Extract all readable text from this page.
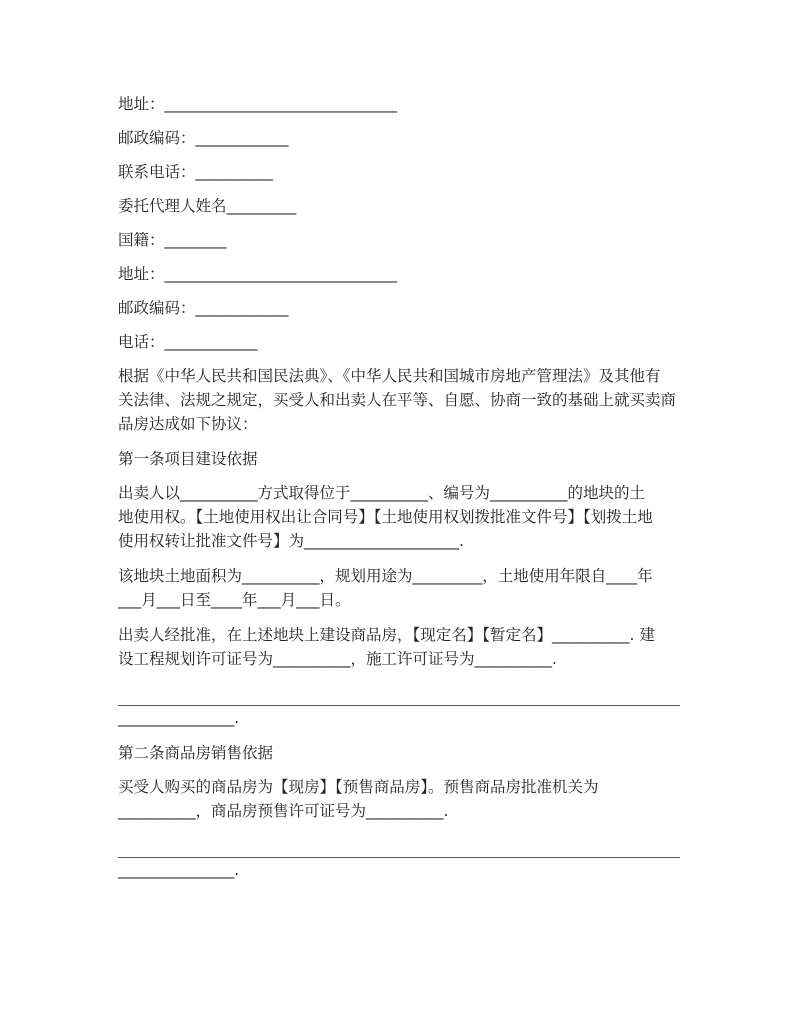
地址：______________________________
邮政编码：____________
联系电话：__________
委托代理人姓名_________
国籍：________
地址：______________________________
邮政编码：____________
电话：____________
根据《中华人民共和国民法典》、《中华人民共和国城市房地产管理法》及其他有
关法律、法规之规定，买受人和出卖人在平等、自愿、协商一致的基础上就买卖商
品房达成如下协议：
第一条项目建设依据
出卖人以__________方式取得位于__________、编号为__________的地块的土
地使用权。【土地使用权出让合同号】【土地使用权划拨批准文件号】【划拨土地
使用权转让批准文件号】为____________________.
该地块土地面积为__________，规划用途为_________，土地使用年限自____年
___月___日至____年___月___日。
出卖人经批准，在上述地块上建设商品房，【现定名】【暂定名】__________. 建
设工程规划许可证号为__________，施工许可证号为__________.
_______________.
第二条商品房销售依据
买受人购买的商品房为【现房】【预售商品房】。预售商品房批准机关为
__________，商品房预售许可证号为__________.
_______________.
